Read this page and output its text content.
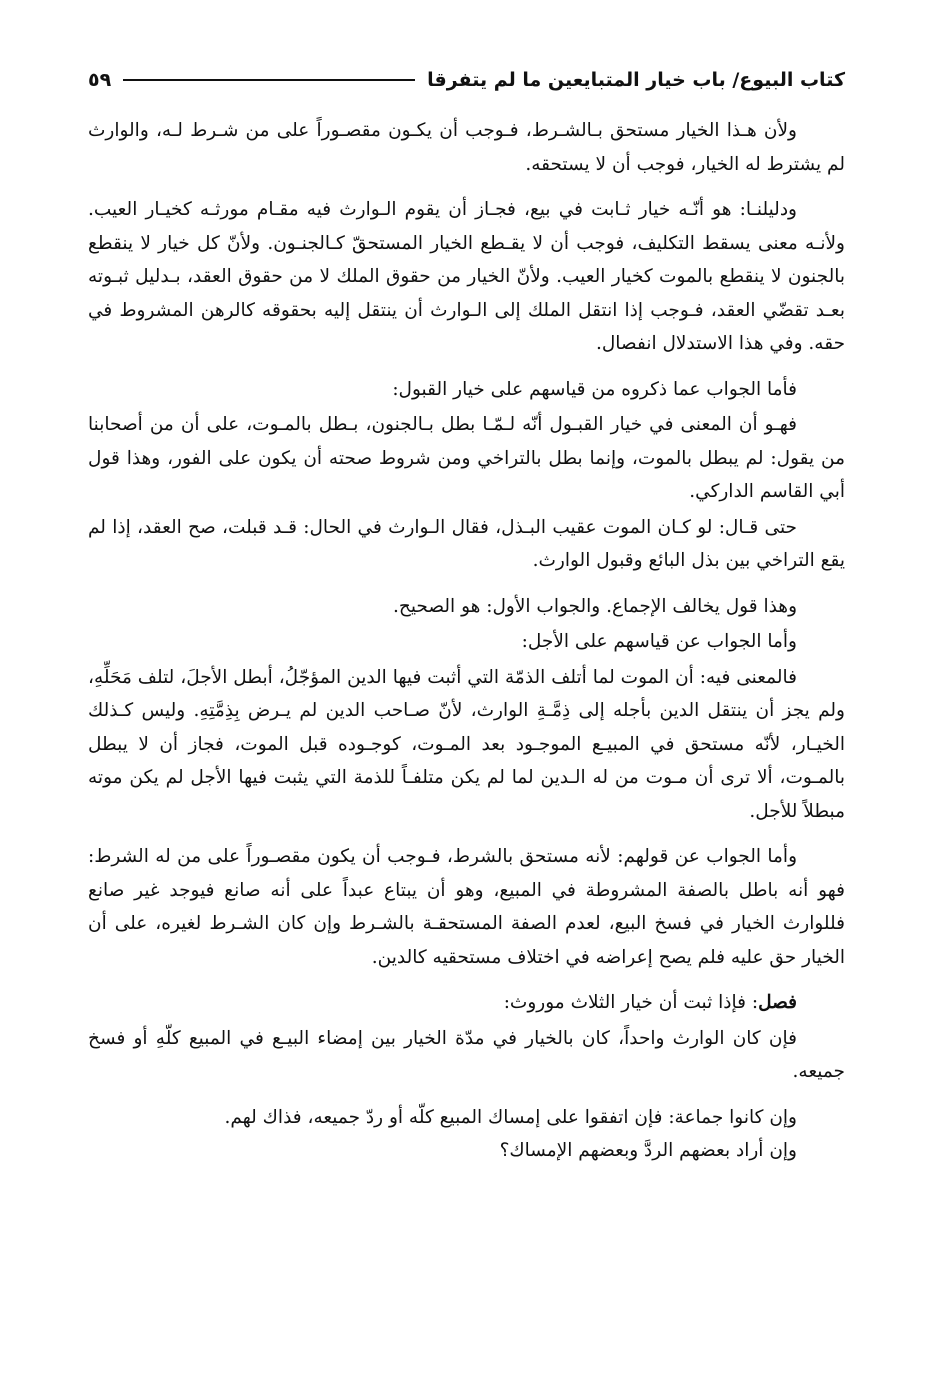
كتاب البيوع/ باب خيار المتبايعين ما لم يتفرقا
٥٩

ولأن هـذا الخيار مستحق بـالشـرط، فـوجب أن يكـون مقصـوراً على من شـرط لـه، والوارث لم يشترط له الخيار، فوجب أن لا يستحقه.

ودليلنـا: هو أنّـه خيار ثـابت في بيع، فجـاز أن يقوم الـوارث فيه مقـام مورثـه كخيـار العيب. ولأنـه معنى يسقط التكليف، فوجب أن لا يقـطع الخيار المستحقّ كـالجنـون. ولأنّ كل خيار لا ينقطع بالجنون لا ينقطع بالموت كخيار العيب. ولأنّ الخيار من حقوق الملك لا من حقوق العقد، بـدليل ثبـوته بعـد تقضّي العقد، فـوجب إذا انتقل الملك إلى الـوارث أن ينتقل إليه بحقوقه كالرهن المشروط في حقه. وفي هذا الاستدلال انفصال.

فأما الجواب عما ذكروه من قياسهم على خيار القبول:

فهـو أن المعنى في خيار القبـول أنّه لـمّـا بطل بـالجنون، بـطل بالمـوت، على أن من أصحابنا من يقول: لم يبطل بالموت، وإنما بطل بالتراخي ومن شروط صحته أن يكون على الفور، وهذا قول أبي القاسم الداركي.

حتى قـال: لو كـان الموت عقيب البـذل، فقال الـوارث في الحال: قـد قبلت، صح العقد، إذا لم يقع التراخي بين بذل البائع وقبول الوارث.

وهذا قول يخالف الإجماع. والجواب الأول: هو الصحيح.

وأما الجواب عن قياسهم على الأجل:

فالمعنى فيه: أن الموت لما أتلف الذمّة التي أثبت فيها الدين المؤجّلُ، أبطل الأجلَ، لتلف مَحَلِّهِ، ولم يجز أن ينتقل الدين بأجله إلى ذِمَّـةِ الوارث، لأنّ صـاحب الدين لم يـرض بِذِمَّتِهِ. وليس كـذلك الخيـار، لأنّه مستحق في المبيـع الموجـود بعد المـوت، كوجـوده قبل الموت، فجاز أن لا يبطل بالمـوت، ألا ترى أن مـوت من له الـدين لما لم يكن متلفـاً للذمة التي يثبت فيها الأجل لم يكن موته مبطلاً للأجل.

وأما الجواب عن قولهم: لأنه مستحق بالشرط، فـوجب أن يكون مقصـوراً على من له الشرط: فهو أنه باطل بالصفة المشروطة في المبيع، وهو أن يبتاع عبداً على أنه صانع فيوجد غير صانع فللوارث الخيار في فسخ البيع، لعدم الصفة المستحقـة بالشـرط وإن كان الشـرط لغيره، على أن الخيار حق عليه فلم يصح إعراضه في اختلاف مستحقيه كالدين.

فصل: فإذا ثبت أن خيار الثلاث موروث:

فإن كان الوارث واحداً، كان بالخيار في مدّة الخيار بين إمضاء البيـع في المبيع كلّهِ أو فسخ جميعه.

وإن كانوا جماعة: فإن اتفقوا على إمساك المبيع كلّه أو ردّ جميعه، فذاك لهم.

وإن أراد بعضهم الردَّ وبعضهم الإمساك؟
